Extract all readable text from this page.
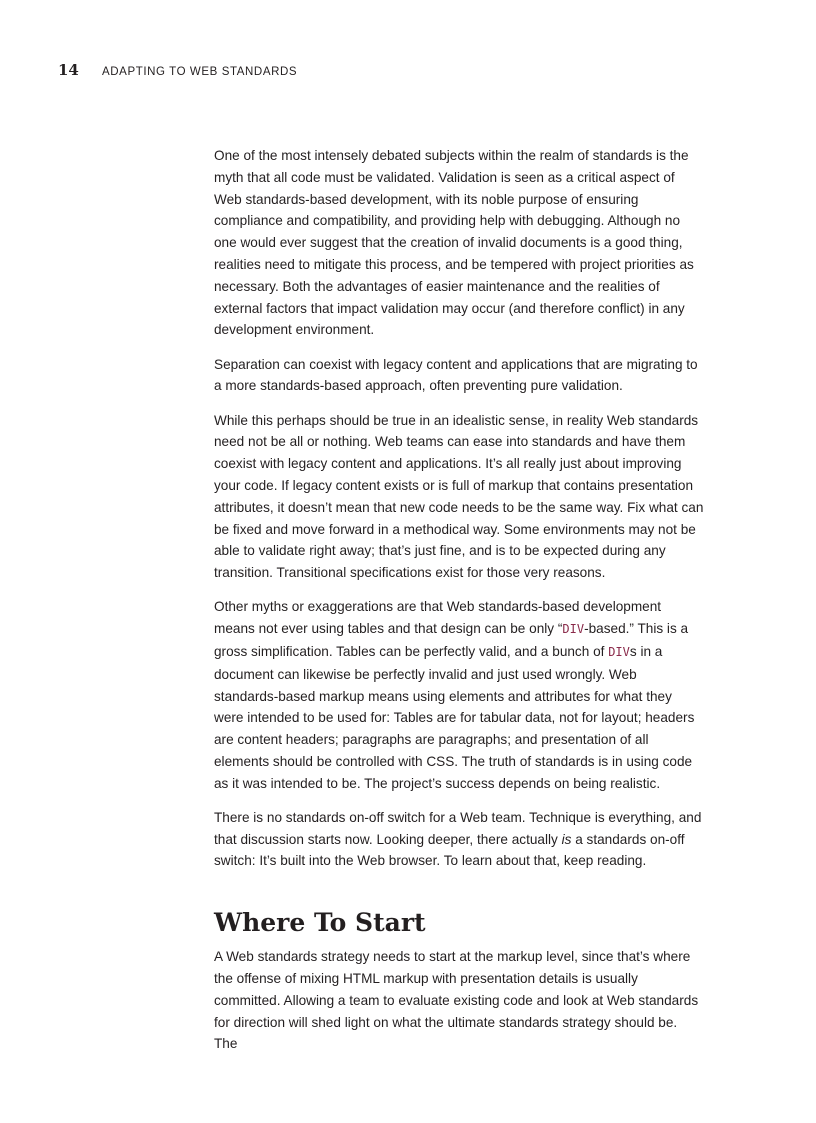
14	ADAPTING TO WEB STANDARDS

One of the most intensely debated subjects within the realm of standards is the myth that all code must be validated. Validation is seen as a critical aspect of Web standards-based development, with its noble purpose of ensuring compliance and compatibility, and providing help with debugging. Although no one would ever suggest that the creation of invalid documents is a good thing, realities need to mitigate this process, and be tempered with project priorities as necessary. Both the advantages of easier maintenance and the realities of external factors that impact validation may occur (and therefore conflict) in any development environment.

Separation can coexist with legacy content and applications that are migrating to a more standards-based approach, often preventing pure validation.

While this perhaps should be true in an idealistic sense, in reality Web standards need not be all or nothing. Web teams can ease into standards and have them coexist with legacy content and applications. It’s all really just about improving your code. If legacy content exists or is full of markup that contains presentation attributes, it doesn’t mean that new code needs to be the same way. Fix what can be fixed and move forward in a methodical way. Some environments may not be able to validate right away; that’s just fine, and is to be expected during any transition. Transitional specifications exist for those very reasons.

Other myths or exaggerations are that Web standards-based development means not ever using tables and that design can be only “DIV-based.” This is a gross simplification. Tables can be perfectly valid, and a bunch of DIVs in a document can likewise be perfectly invalid and just used wrongly. Web standards-based markup means using elements and attributes for what they were intended to be used for: Tables are for tabular data, not for layout; headers are content headers; paragraphs are paragraphs; and presentation of all elements should be controlled with CSS. The truth of standards is in using code as it was intended to be. The project’s success depends on being realistic.

There is no standards on-off switch for a Web team. Technique is everything, and that discussion starts now. Looking deeper, there actually is a standards on-off switch: It’s built into the Web browser. To learn about that, keep reading.

Where To Start

A Web standards strategy needs to start at the markup level, since that’s where the offense of mixing HTML markup with presentation details is usually committed. Allowing a team to evaluate existing code and look at Web standards for direction will shed light on what the ultimate standards strategy should be. The
